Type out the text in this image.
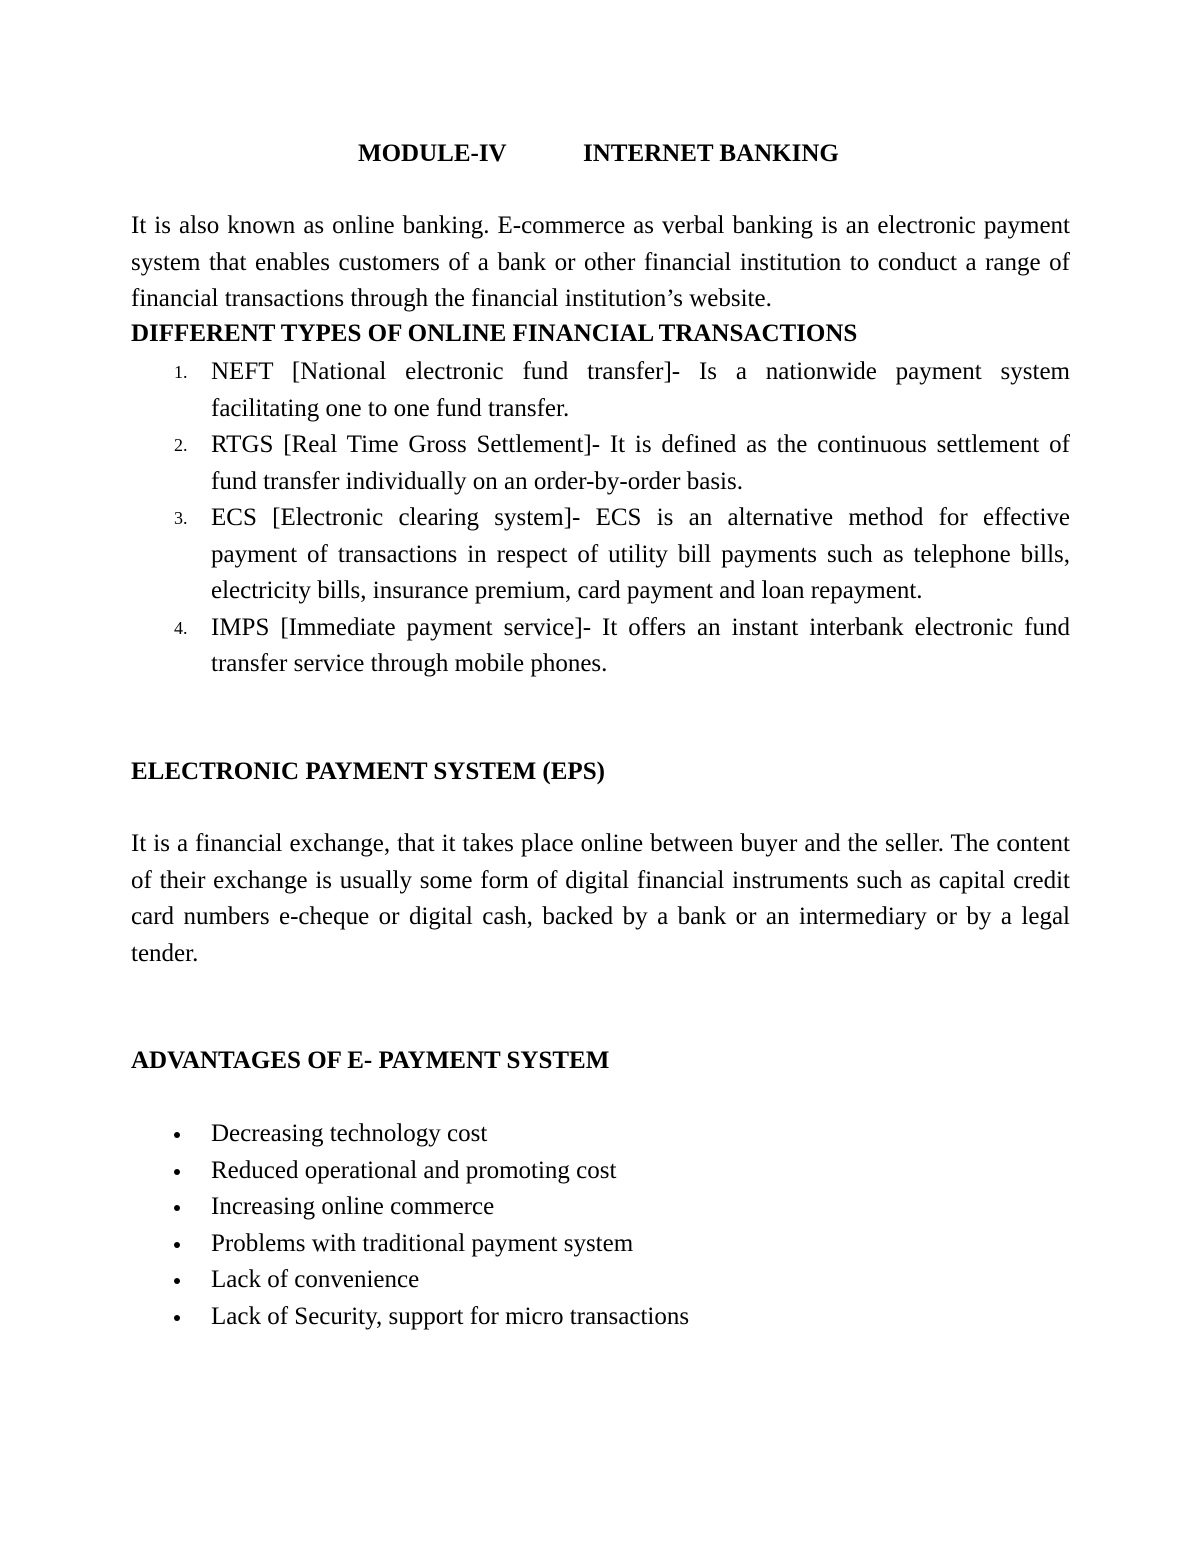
MODULE-IV	INTERNET BANKING

It is also known as online banking. E-commerce as verbal banking is an electronic payment system that enables customers of a bank or other financial institution to conduct a range of financial transactions through the financial institution’s website.

DIFFERENT TYPES OF ONLINE FINANCIAL TRANSACTIONS
1. NEFT [National electronic fund transfer]- Is a nationwide payment system facilitating one to one fund transfer.
2. RTGS [Real Time Gross Settlement]- It is defined as the continuous settlement of fund transfer individually on an order-by-order basis.
3. ECS [Electronic clearing system]- ECS is an alternative method for effective payment of transactions in respect of utility bill payments such as telephone bills, electricity bills, insurance premium, card payment and loan repayment.
4. IMPS [Immediate payment service]- It offers an instant interbank electronic fund transfer service through mobile phones.
ELECTRONIC PAYMENT SYSTEM (EPS)

It is a financial exchange, that it takes place online between buyer and the seller. The content of their exchange is usually some form of digital financial instruments such as capital credit card numbers e-cheque or digital cash, backed by a bank or an intermediary or by a legal tender.

ADVANTAGES OF E- PAYMENT SYSTEM
Decreasing technology cost
Reduced operational and promoting cost
Increasing online commerce
Problems with traditional payment system
Lack of convenience
Lack of Security, support for micro transactions
